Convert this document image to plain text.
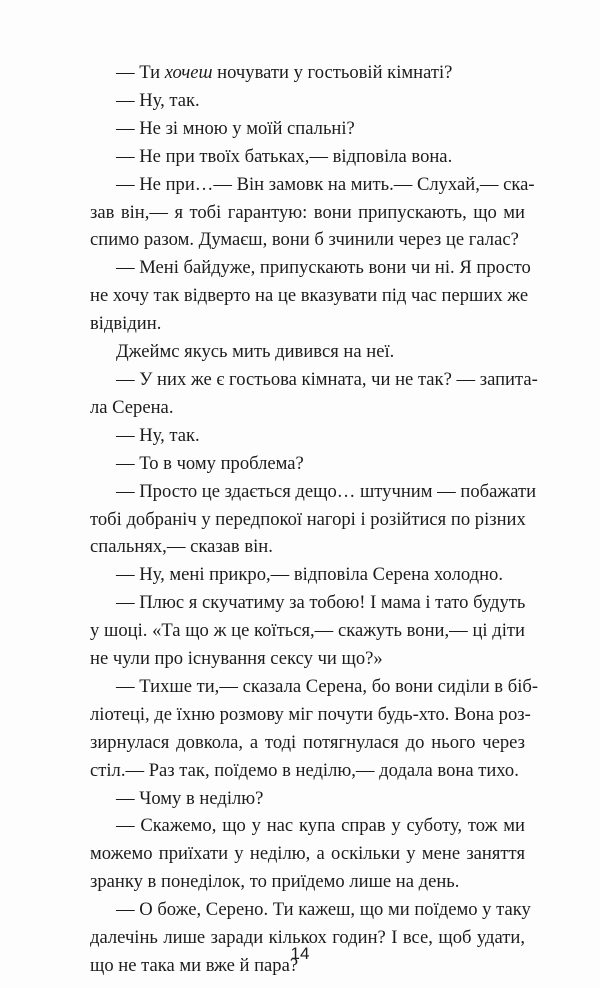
— Ти хочеш ночувати у гостьовій кімнаті?
— Ну, так.
— Не зі мною у моїй спальні?
— Не при твоїх батьках,— відповіла вона.
— Не при…— Він замовк на мить.— Слухай,— ска-
зав він,— я тобі гарантую: вони припускають, що ми
спимо разом. Думаєш, вони б зчинили через це галас?
— Мені байдуже, припускають вони чи ні. Я просто
не хочу так відверто на це вказувати під час перших же
відвідин.
Джеймс якусь мить дивився на неї.
— У них же є гостьова кімната, чи не так? — запита-
ла Серена.
— Ну, так.
— То в чому проблема?
— Просто це здається дещо… штучним — побажати
тобі добраніч у передпокої нагорі і розійтися по різних
спальнях,— сказав він.
— Ну, мені прикро,— відповіла Серена холодно.
— Плюс я скучатиму за тобою! І мама і тато будуть
у шоці. «Та що ж це коїться,— скажуть вони,— ці діти
не чули про існування сексу чи що?»
— Тихше ти,— сказала Серена, бо вони сиділи в біб-
ліотеці, де їхню розмову міг почути будь-хто. Вона роз-
зирнулася довкола, а тоді потягнулася до нього через
стіл.— Раз так, поїдемо в неділю,— додала вона тихо.
— Чому в неділю?
— Скажемо, що у нас купа справ у суботу, тож ми
можемо приїхати у неділю, а оскільки у мене заняття
зранку в понеділок, то приїдемо лише на день.
— О боже, Серено. Ти кажеш, що ми поїдемо у таку
далечінь лише заради кількох годин? І все, щоб удати,
що не така ми вже й пара?
14
